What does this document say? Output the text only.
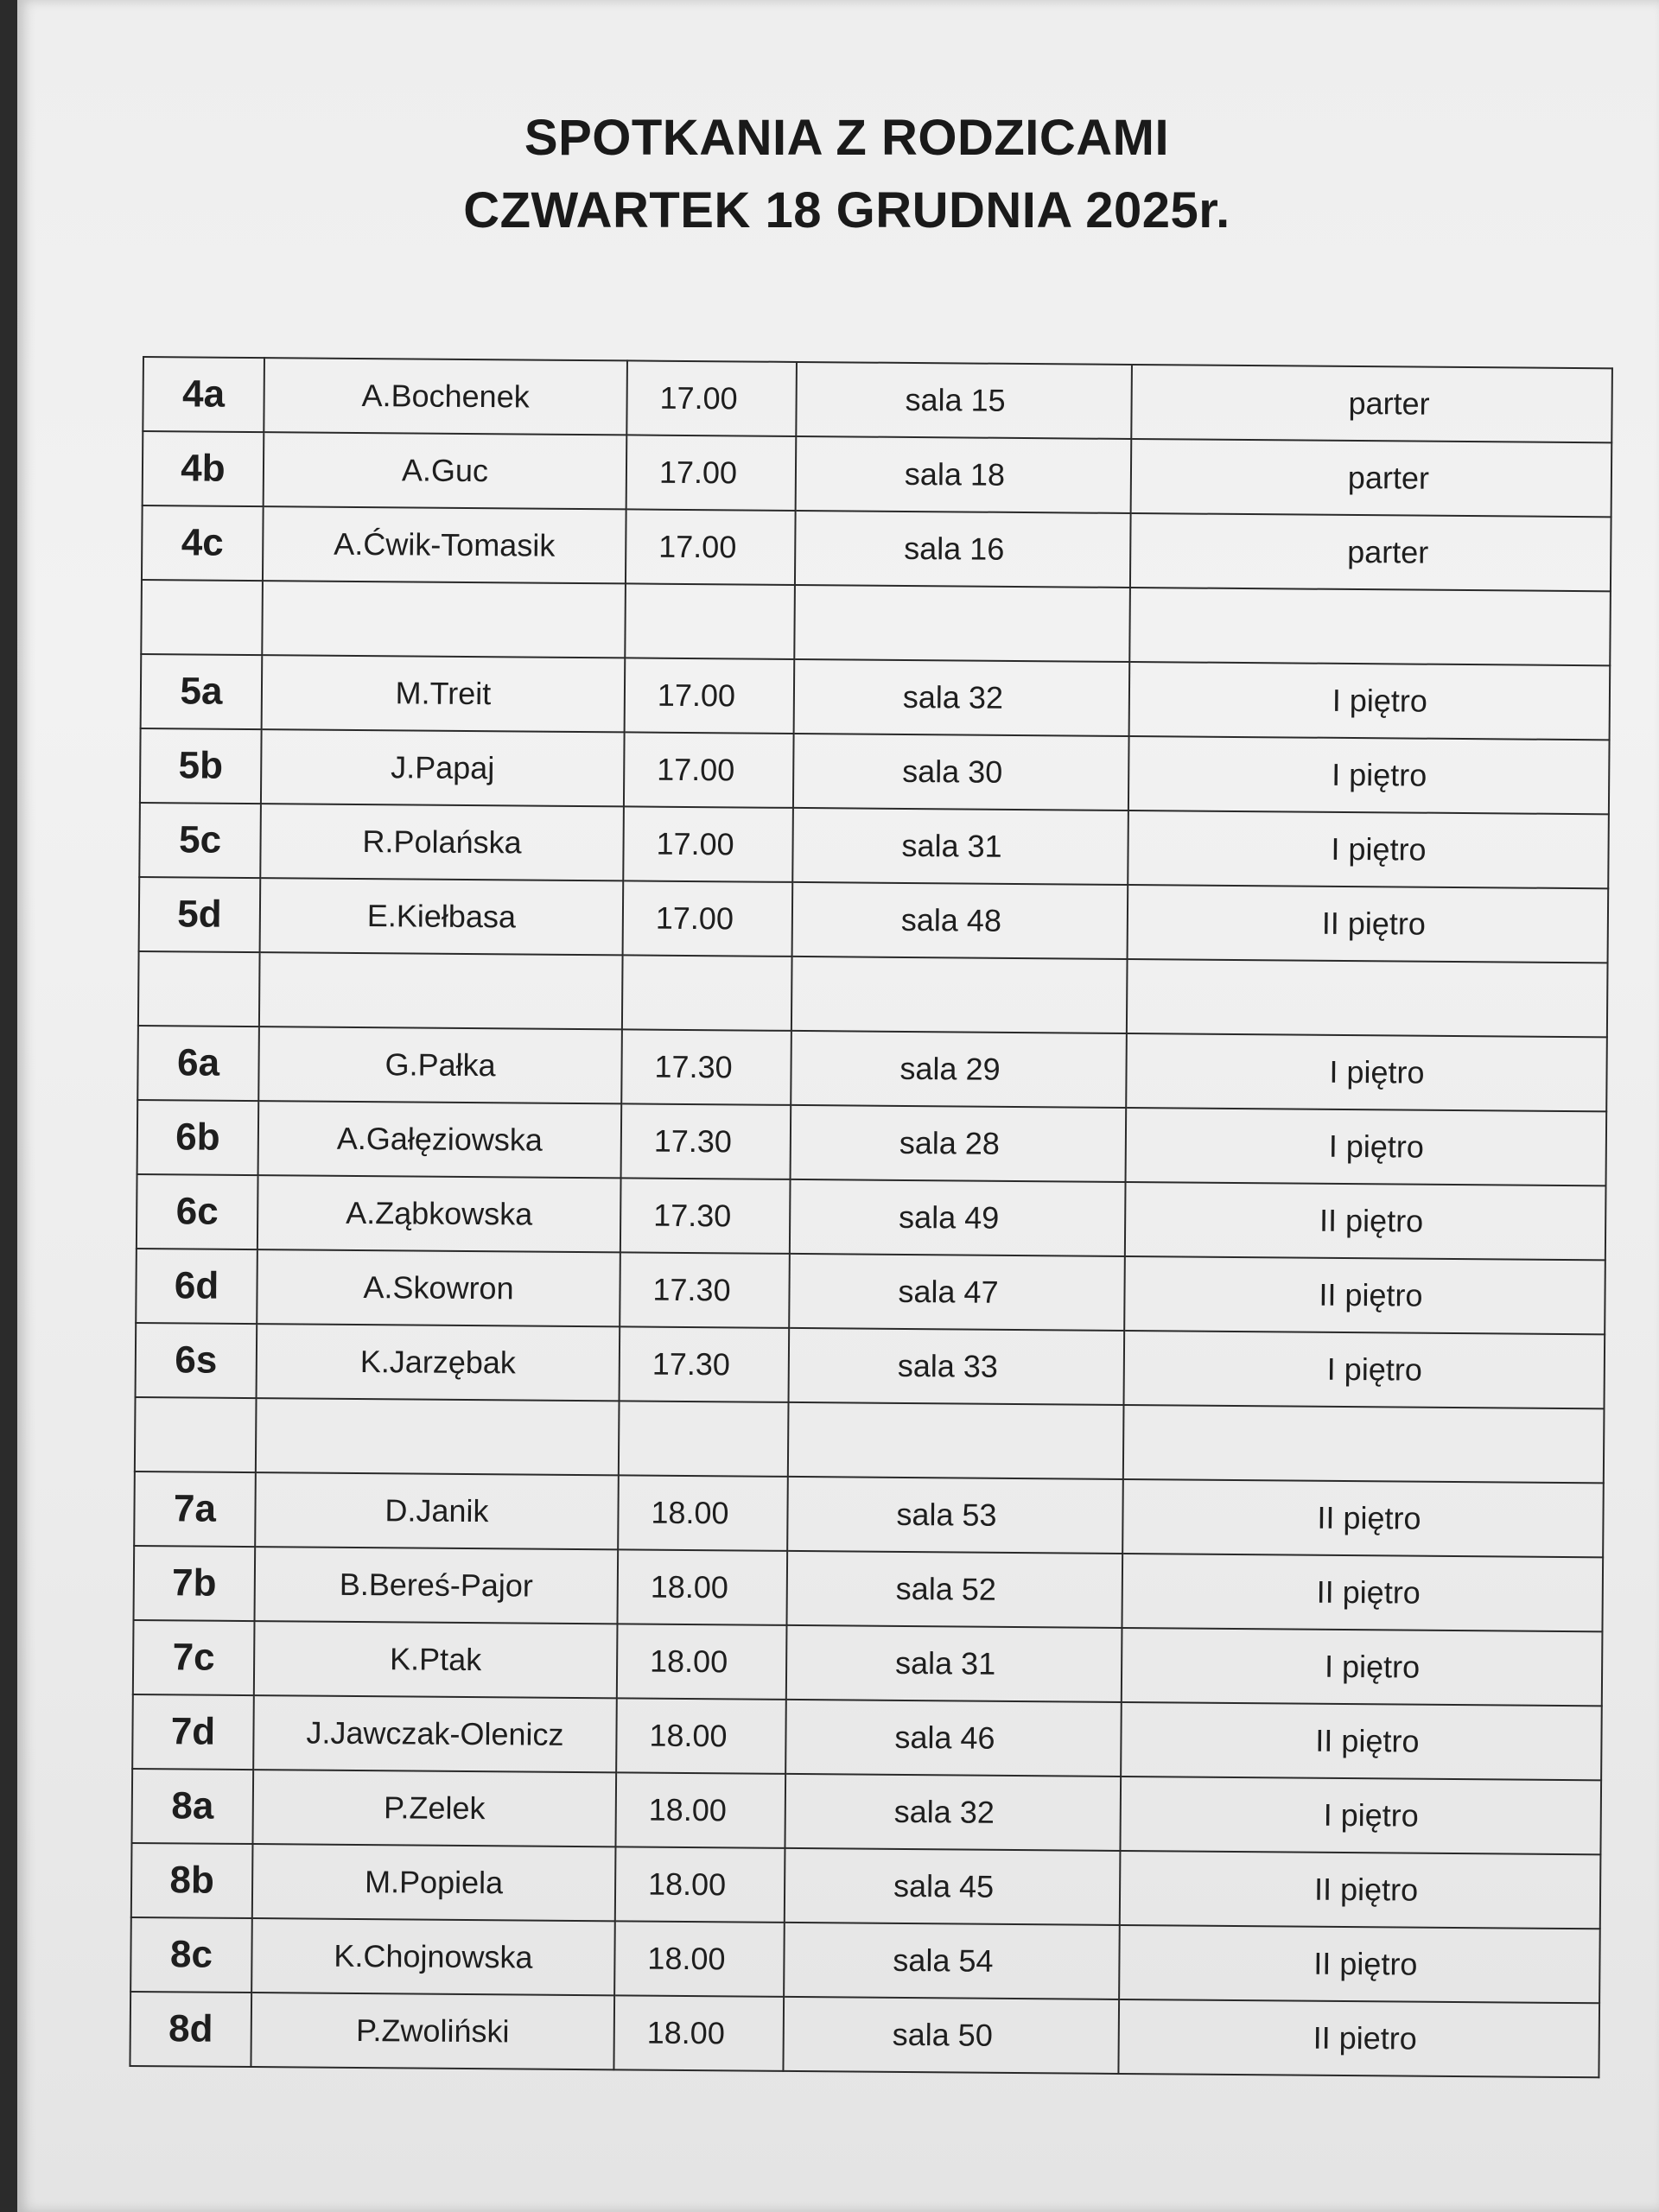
SPOTKANIA Z RODZICAMI
CZWARTEK 18 GRUDNIA 2025r.
4a	A.Bochenek	17.00	sala 15	parter
4b	A.Guc	17.00	sala 18	parter
4c	A.Ćwik-Tomasik	17.00	sala 16	parter

5a	M.Treit	17.00	sala 32	I piętro
5b	J.Papaj	17.00	sala 30	I piętro
5c	R.Polańska	17.00	sala 31	I piętro
5d	E.Kiełbasa	17.00	sala 48	II piętro

6a	G.Pałka	17.30	sala 29	I piętro
6b	A.Gałęziowska	17.30	sala 28	I piętro
6c	A.Ząbkowska	17.30	sala 49	II piętro
6d	A.Skowron	17.30	sala 47	II piętro
6s	K.Jarzębak	17.30	sala 33	I piętro

7a	D.Janik	18.00	sala 53	II piętro
7b	B.Bereś-Pajor	18.00	sala 52	II piętro
7c	K.Ptak	18.00	sala 31	I piętro
7d	J.Jawczak-Olenicz	18.00	sala 46	II piętro
8a	P.Zelek	18.00	sala 32	I piętro
8b	M.Popiela	18.00	sala 45	II piętro
8c	K.Chojnowska	18.00	sala 54	II piętro
8d	P.Zwoliński	18.00	sala 50	II pietro
